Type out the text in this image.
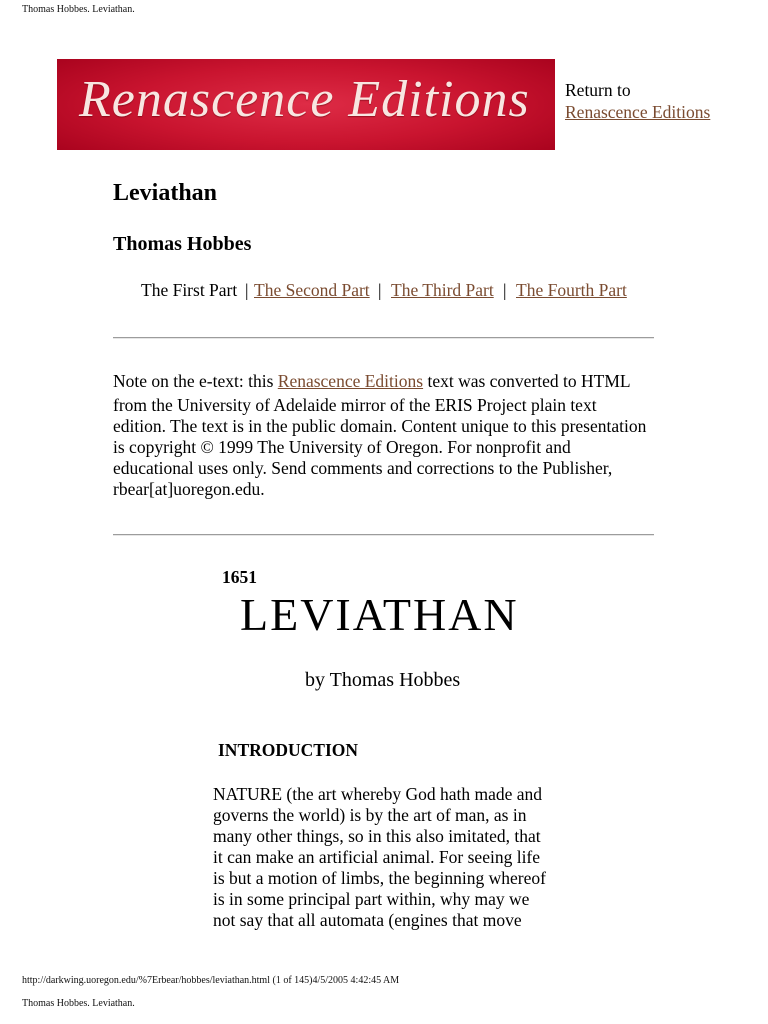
Thomas Hobbes. Leviathan.
Renascence Editions Return to
Renascence Editions
Leviathan
Thomas Hobbes
The First Part | The Second Part | The Third Part | The Fourth Part
Note on the e-text: this Renascence Editions text was converted to HTML
from the University of Adelaide mirror of the ERIS Project plain text
edition. The text is in the public domain. Content unique to this presentation
is copyright © 1999 The University of Oregon. For nonprofit and
educational uses only. Send comments and corrections to the Publisher,
rbear[at]uoregon.edu.
1651
LEVIATHAN
by Thomas Hobbes
INTRODUCTION
NATURE (the art whereby God hath made and
governs the world) is by the art of man, as in
many other things, so in this also imitated, that
it can make an artificial animal. For seeing life
is but a motion of limbs, the beginning whereof
is in some principal part within, why may we
not say that all automata (engines that move
http://darkwing.uoregon.edu/%7Erbear/hobbes/leviathan.html (1 of 145)4/5/2005 4:42:45 AM
Thomas Hobbes. Leviathan.
